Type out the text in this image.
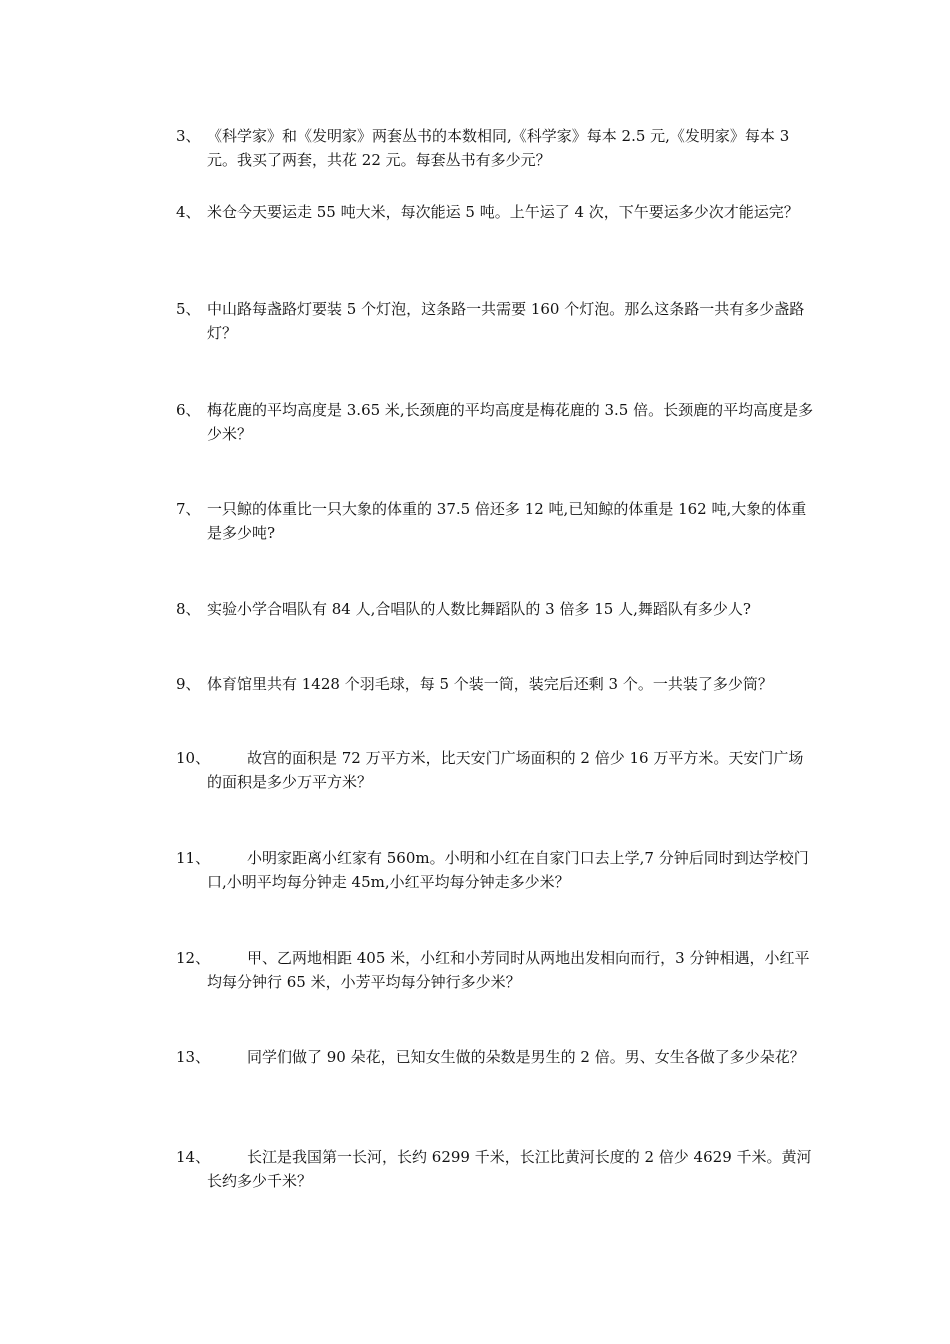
3、 《科学家》和《发明家》两套丛书的本数相同,《科学家》每本 2.5 元,《发明家》每本 3 元。我买了两套，共花 22 元。每套丛书有多少元？
4、 米仓今天要运走 55 吨大米，每次能运 5 吨。上午运了 4 次，下午要运多少次才能运完？
5、 中山路每盏路灯要装 5 个灯泡，这条路一共需要 160 个灯泡。那么这条路一共有多少盏路灯？
6、 梅花鹿的平均高度是 3.65 米,长颈鹿的平均高度是梅花鹿的 3.5 倍。长颈鹿的平均高度是多少米？
7、 一只鲸的体重比一只大象的体重的 37.5 倍还多 12 吨,已知鲸的体重是 162 吨,大象的体重是多少吨?
8、 实验小学合唱队有 84 人,合唱队的人数比舞蹈队的 3 倍多 15 人,舞蹈队有多少人?
9、 体育馆里共有 1428 个羽毛球，每 5 个装一筒，装完后还剩 3 个。一共装了多少筒？
10、	故宫的面积是 72 万平方米，比天安门广场面积的 2 倍少 16 万平方米。天安门广场的面积是多少万平方米？
11、	小明家距离小红家有 560m。小明和小红在自家门口去上学,7 分钟后同时到达学校门口,小明平均每分钟走 45m,小红平均每分钟走多少米？
12、	甲、乙两地相距 405 米，小红和小芳同时从两地出发相向而行，3 分钟相遇，小红平均每分钟行 65 米，小芳平均每分钟行多少米？
13、	同学们做了 90 朵花，已知女生做的朵数是男生的 2 倍。男、女生各做了多少朵花？
14、	长江是我国第一长河，长约 6299 千米，长江比黄河长度的 2 倍少 4629 千米。黄河长约多少千米？
